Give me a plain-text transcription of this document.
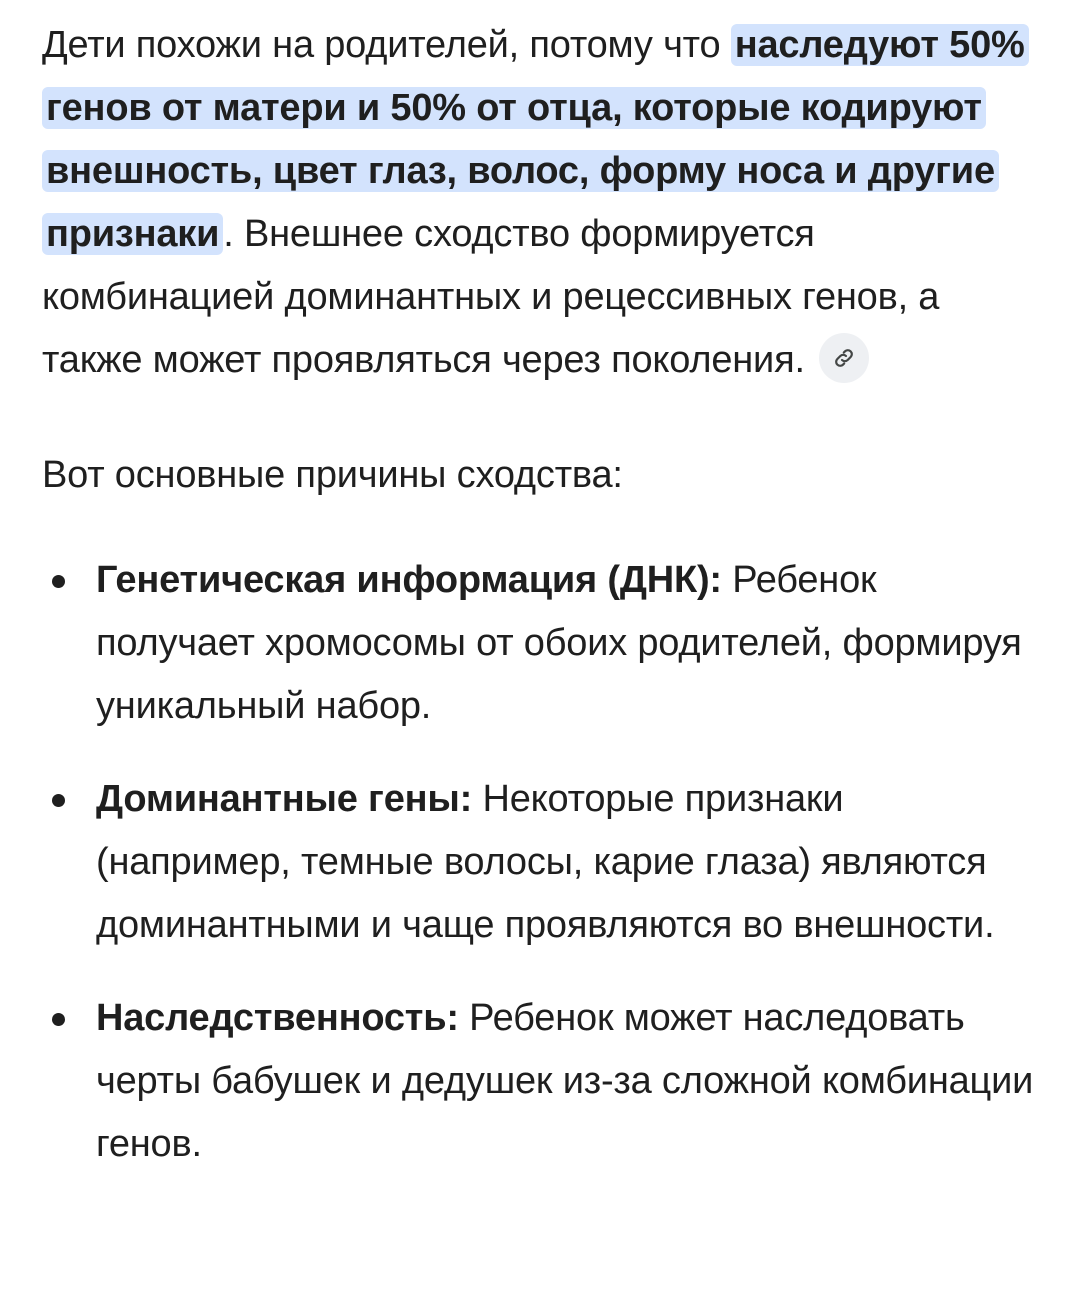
Дети похожи на родителей, потому что наследуют 50% генов от матери и 50% от отца, которые кодируют внешность, цвет глаз, волос, форму носа и другие признаки . Внешнее сходство формируется комбинацией доминантных и рецессивных генов, а также может проявляться через поколения.

Вот основные причины сходства:

Генетическая информация (ДНК): Ребенок получает хромосомы от обоих родителей, формируя уникальный набор.
Доминантные гены: Некоторые признаки (например, темные волосы, карие глаза) являются доминантными и чаще проявляются во внешности.
Наследственность: Ребенок может наследовать черты бабушек и дедушек из-за сложной комбинации генов.
